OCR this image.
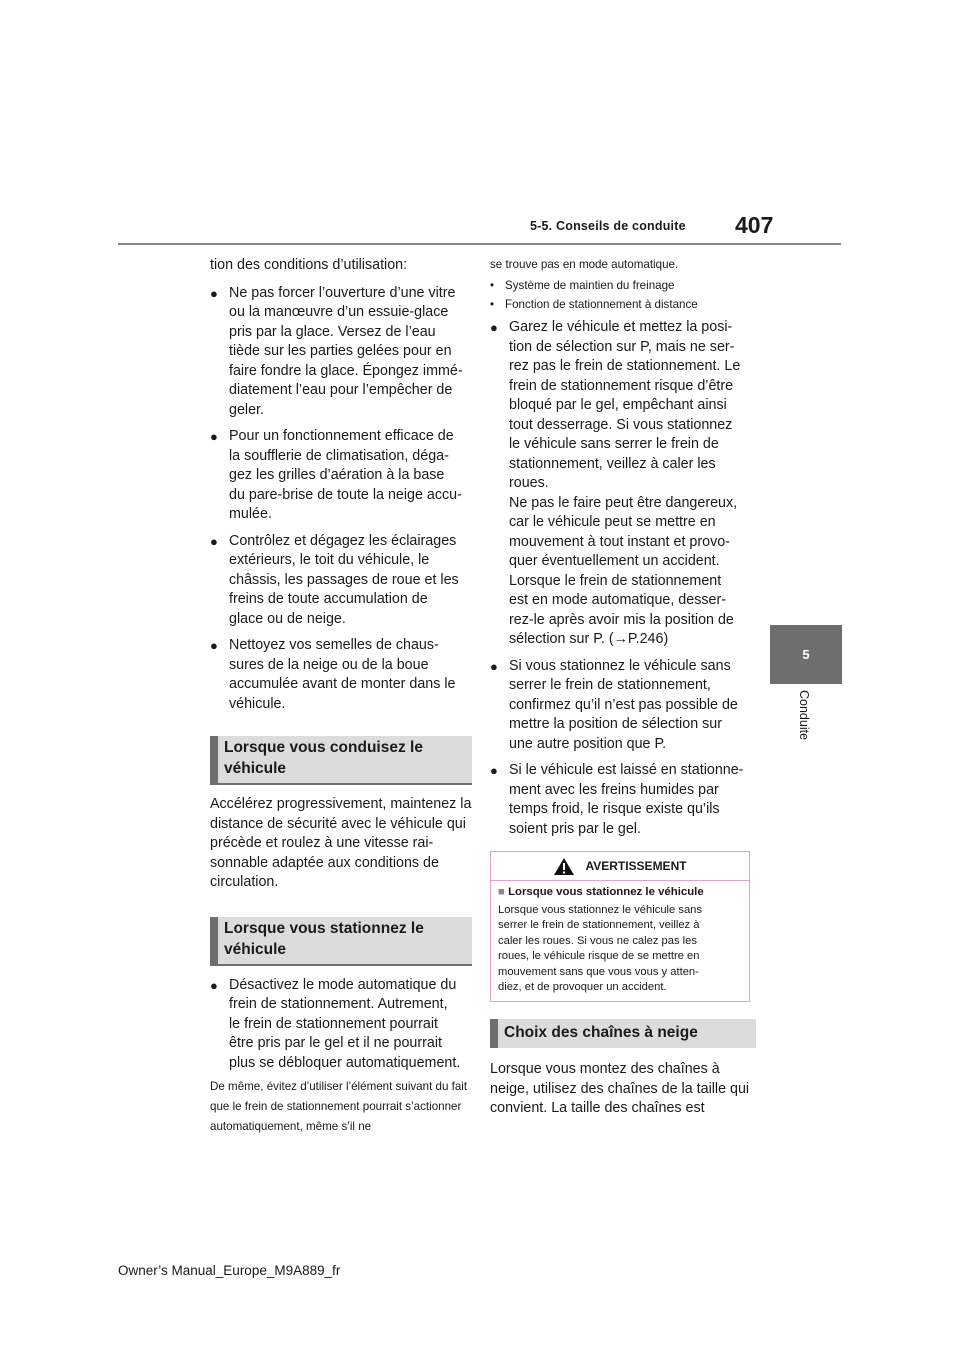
5-5. Conseils de conduite 407
5
Conduite

tion des conditions d’utilisation:

● Ne pas forcer l’ouverture d’une vitre
ou la manœuvre d’un essuie-glace
pris par la glace. Versez de l’eau
tiède sur les parties gelées pour en
faire fondre la glace. Épongez immé-
diatement l’eau pour l’empêcher de
geler.
● Pour un fonctionnement efficace de
la soufflerie de climatisation, déga-
gez les grilles d’aération à la base
du pare-brise de toute la neige accu-
mulée.
● Contrôlez et dégagez les éclairages
extérieurs, le toit du véhicule, le
châssis, les passages de roue et les
freins de toute accumulation de
glace ou de neige.
● Nettoyez vos semelles de chaus-
sures de la neige ou de la boue
accumulée avant de monter dans le
véhicule.
Lorsque vous conduisez le véhicule

Accélérez progressivement, maintenez la distance de sécurité avec le véhicule qui précède et roulez à une vitesse rai-sonnable adaptée aux conditions de circulation.

Lorsque vous stationnez le véhicule
● Désactivez le mode automatique du
frein de stationnement. Autrement,
le frein de stationnement pourrait
être pris par le gel et il ne pourrait
plus se débloquer automatiquement.

De même, évitez d’utiliser l’élément suivant du fait que le frein de stationnement pourrait s’actionner automatiquement, même s’il ne

se trouve pas en mode automatique.

• Système de maintien du freinage
• Fonction de stationnement à distance
● Garez le véhicule et mettez la posi-
tion de sélection sur P, mais ne ser-
rez pas le frein de stationnement. Le
frein de stationnement risque d’être
bloqué par le gel, empêchant ainsi
tout desserrage. Si vous stationnez
le véhicule sans serrer le frein de
stationnement, veillez à caler les
roues.
Ne pas le faire peut être dangereux,
car le véhicule peut se mettre en
mouvement à tout instant et provo-
quer éventuellement un accident.
Lorsque le frein de stationnement
est en mode automatique, desser-
rez-le après avoir mis la position de
sélection sur P. (→P.246)
● Si vous stationnez le véhicule sans
serrer le frein de stationnement,
confirmez qu’il n’est pas possible de
mettre la position de sélection sur
une autre position que P.
● Si le véhicule est laissé en stationne-
ment avec les freins humides par
temps froid, le risque existe qu’ils
soient pris par le gel.
AVERTISSEMENT
■ Lorsque vous stationnez le véhicule
Lorsque vous stationnez le véhicule sans
serrer le frein de stationnement, veillez à
caler les roues. Si vous ne calez pas les
roues, le véhicule risque de se mettre en
mouvement sans que vous vous y atten-
diez, et de provoquer un accident.
Choix des chaînes à neige

Lorsque vous montez des chaînes à neige, utilisez des chaînes de la taille qui convient. La taille des chaînes est

Owner’s Manual_Europe_M9A889_fr
